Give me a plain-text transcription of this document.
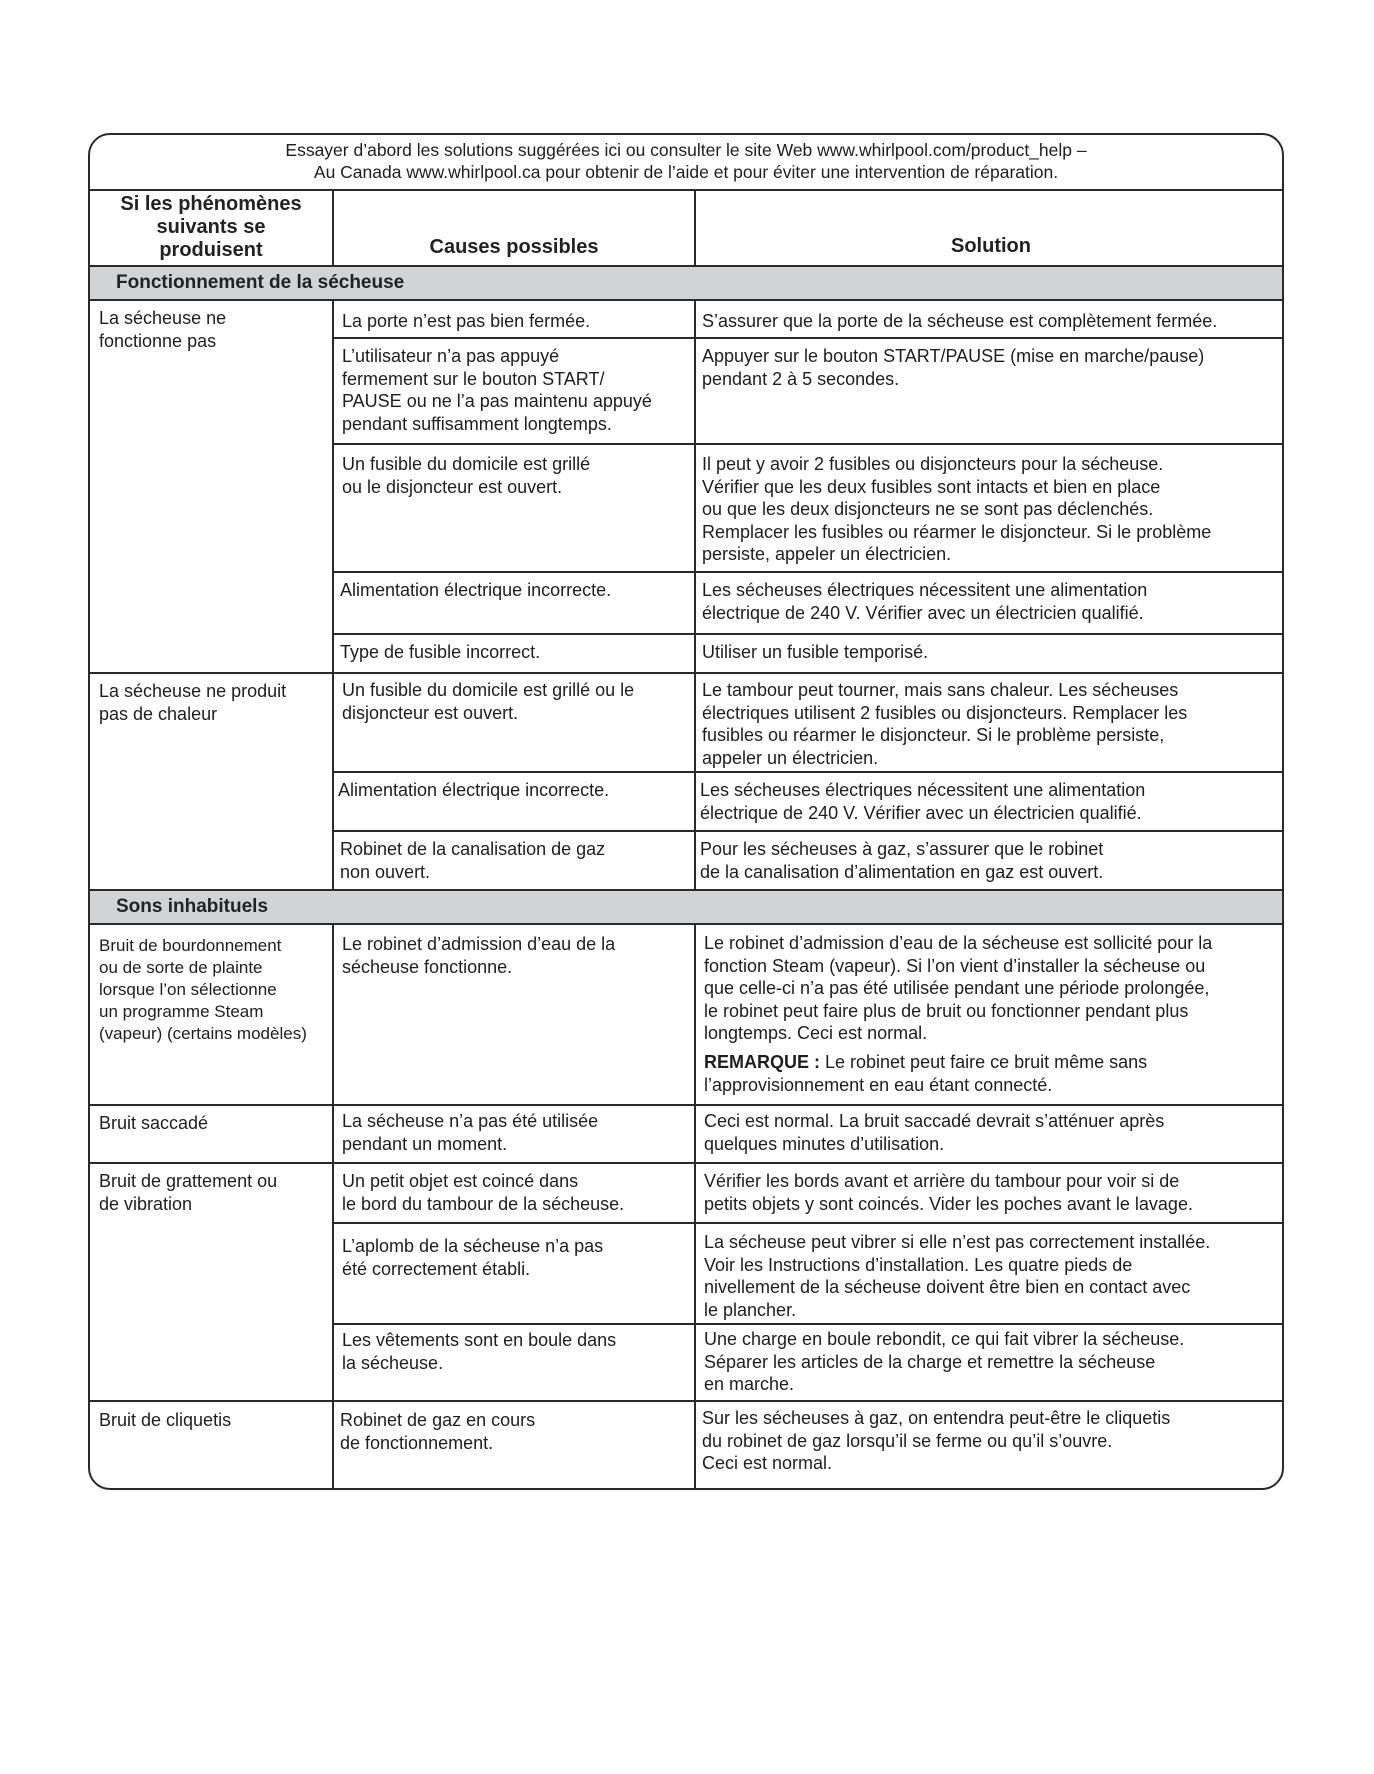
Essayer d’abord les solutions suggérées ici ou consulter le site Web www.whirlpool.com/product_help –
Au Canada www.whirlpool.ca pour obtenir de l’aide et pour éviter une intervention de réparation.
Si les phénomènes
suivants se
produisent	Causes possibles	Solution
Fonctionnement de la sécheuse
Sons inhabituels
La sécheuse ne
fonctionne pas
La sécheuse ne produit
pas de chaleur
Bruit de bourdonnement
ou de sorte de plainte
lorsque l’on sélectionne
un programme Steam
(vapeur) (certains modèles)
Bruit saccadé
Bruit de grattement ou
de vibration
Bruit de cliquetis
La porte n’est pas bien fermée.
L’utilisateur n’a pas appuyé
fermement sur le bouton START/
PAUSE ou ne l’a pas maintenu appuyé
pendant suffisamment longtemps.
Un fusible du domicile est grillé
ou le disjoncteur est ouvert.
Alimentation électrique incorrecte.
Type de fusible incorrect.
Un fusible du domicile est grillé ou le
disjoncteur est ouvert.
Alimentation électrique incorrecte.
Robinet de la canalisation de gaz
non ouvert.
Le robinet d’admission d’eau de la
sécheuse fonctionne.
La sécheuse n’a pas été utilisée
pendant un moment.
Un petit objet est coincé dans
le bord du tambour de la sécheuse.
L’aplomb de la sécheuse n’a pas
été correctement établi.
Les vêtements sont en boule dans
la sécheuse.
Robinet de gaz en cours
de fonctionnement.
S’assurer que la porte de la sécheuse est complètement fermée.
Appuyer sur le bouton START/PAUSE (mise en marche/pause)
pendant 2 à 5 secondes.
Il peut y avoir 2 fusibles ou disjoncteurs pour la sécheuse.
Vérifier que les deux fusibles sont intacts et bien en place
ou que les deux disjoncteurs ne se sont pas déclenchés.
Remplacer les fusibles ou réarmer le disjoncteur. Si le problème
persiste, appeler un électricien.
Les sécheuses électriques nécessitent une alimentation
électrique de 240 V. Vérifier avec un électricien qualifié.
Utiliser un fusible temporisé.
Le tambour peut tourner, mais sans chaleur. Les sécheuses
électriques utilisent 2 fusibles ou disjoncteurs. Remplacer les
fusibles ou réarmer le disjoncteur. Si le problème persiste,
appeler un électricien.
Les sécheuses électriques nécessitent une alimentation
électrique de 240 V. Vérifier avec un électricien qualifié.
Pour les sécheuses à gaz, s’assurer que le robinet
de la canalisation d’alimentation en gaz est ouvert.
Le robinet d’admission d’eau de la sécheuse est sollicité pour la
fonction Steam (vapeur). Si l’on vient d’installer la sécheuse ou
que celle-ci n’a pas été utilisée pendant une période prolongée,
le robinet peut faire plus de bruit ou fonctionner pendant plus
longtemps. Ceci est normal.
REMARQUE : Le robinet peut faire ce bruit même sans
l’approvisionnement en eau étant connecté.
Ceci est normal. La bruit saccadé devrait s’atténuer après
quelques minutes d’utilisation.
Vérifier les bords avant et arrière du tambour pour voir si de
petits objets y sont coincés. Vider les poches avant le lavage.
La sécheuse peut vibrer si elle n’est pas correctement installée.
Voir les Instructions d’installation. Les quatre pieds de
nivellement de la sécheuse doivent être bien en contact avec
le plancher.
Une charge en boule rebondit, ce qui fait vibrer la sécheuse.
Séparer les articles de la charge et remettre la sécheuse
en marche.
Sur les sécheuses à gaz, on entendra peut-être le cliquetis
du robinet de gaz lorsqu’il se ferme ou qu’il s’ouvre.
Ceci est normal.
